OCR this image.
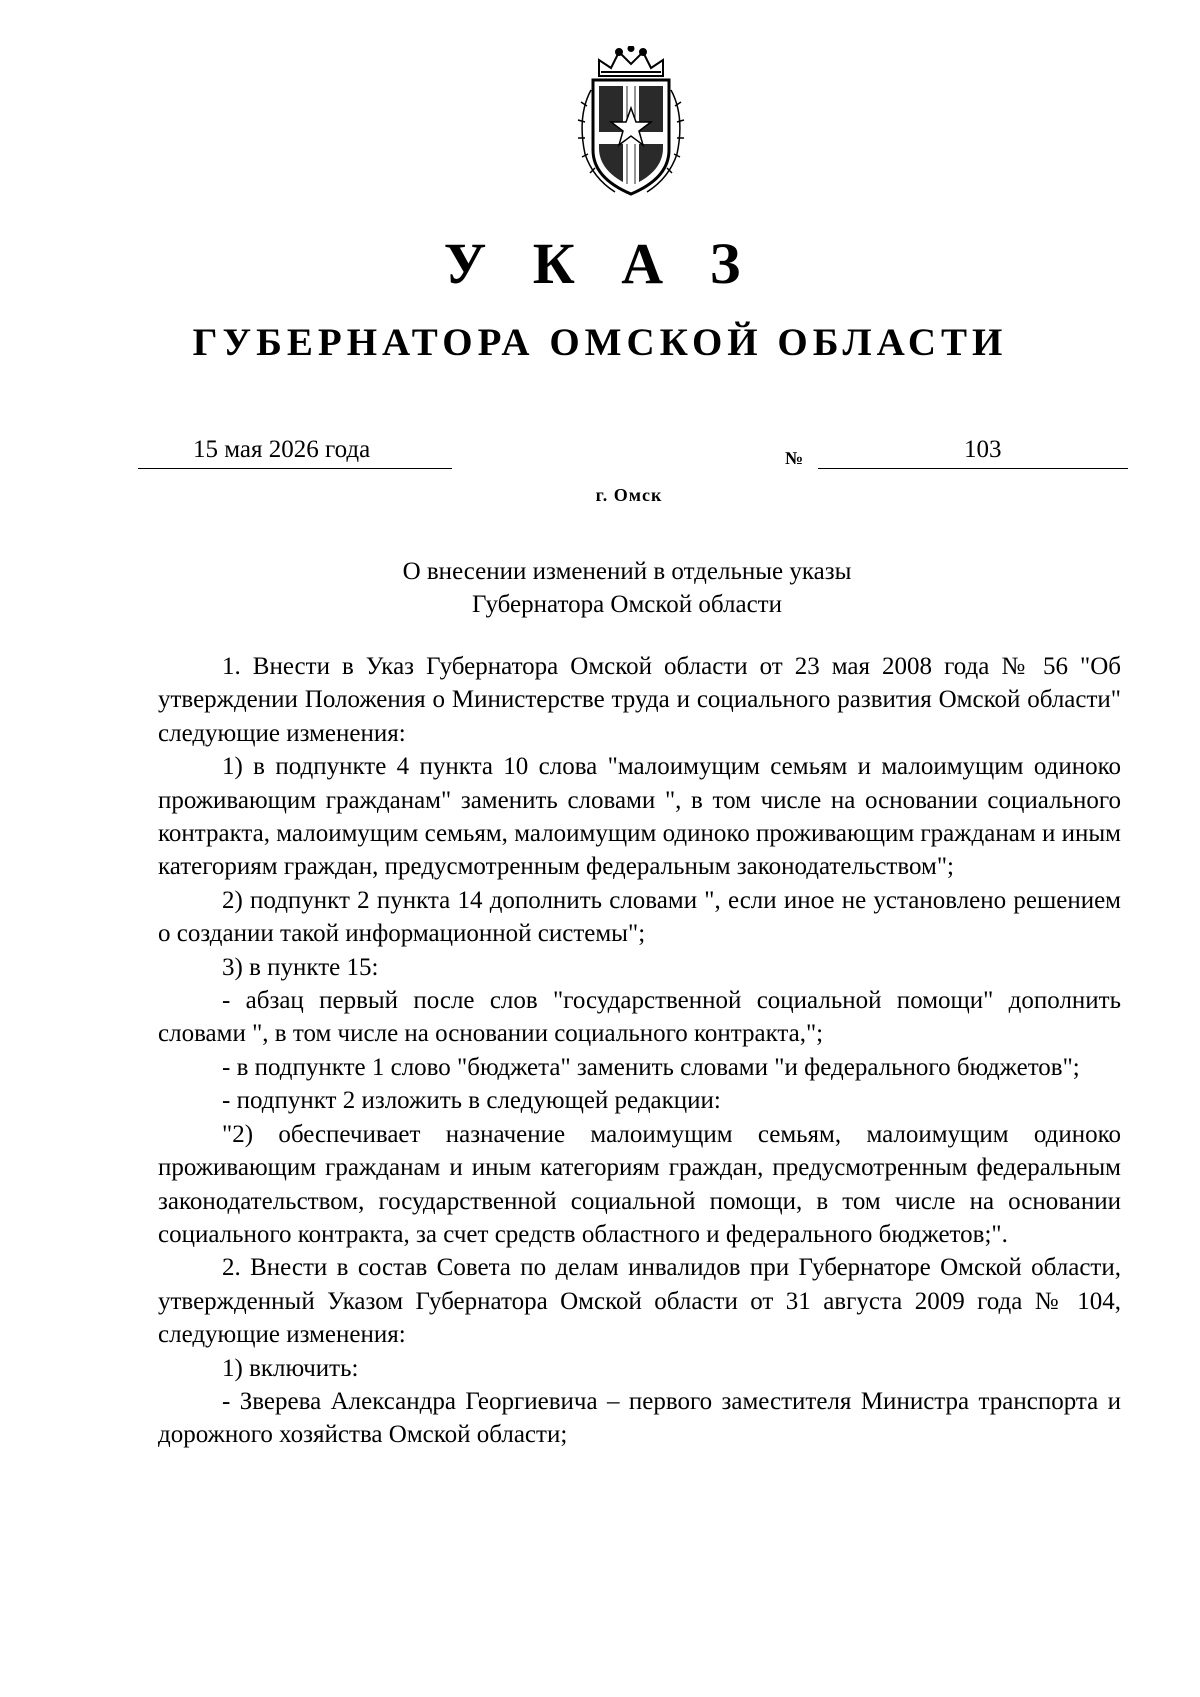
У К А З
ГУБЕРНАТОРА ОМСКОЙ ОБЛАСТИ
15 мая 2026 года	№	103
г. Омск
О внесении изменений в отдельные указы
Губернатора Омской области

1. Внести в Указ Губернатора Омской области от 23 мая 2008 года № 56 "Об утверждении Положения о Министерстве труда и социального развития Омской области" следующие изменения:

1) в подпункте 4 пункта 10 слова "малоимущим семьям и малоимущим одиноко проживающим гражданам" заменить словами ", в том числе на основании социального контракта, малоимущим семьям, малоимущим одиноко проживающим гражданам и иным категориям граждан, предусмотренным федеральным законодательством";

2) подпункт 2 пункта 14 дополнить словами ", если иное не установлено решением о создании такой информационной системы";

3) в пункте 15:

- абзац первый после слов "государственной социальной помощи" дополнить словами ", в том числе на основании социального контракта,";

- в подпункте 1 слово "бюджета" заменить словами "и федерального бюджетов";

- подпункт 2 изложить в следующей редакции:

"2) обеспечивает назначение малоимущим семьям, малоимущим одиноко проживающим гражданам и иным категориям граждан, предусмотренным федеральным законодательством, государственной социальной помощи, в том числе на основании социального контракта, за счет средств областного и федерального бюджетов;".

2. Внести в состав Совета по делам инвалидов при Губернаторе Омской области, утвержденный Указом Губернатора Омской области от 31 августа 2009 года № 104, следующие изменения:

1) включить:

- Зверева Александра Георгиевича – первого заместителя Министра транспорта и дорожного хозяйства Омской области;
